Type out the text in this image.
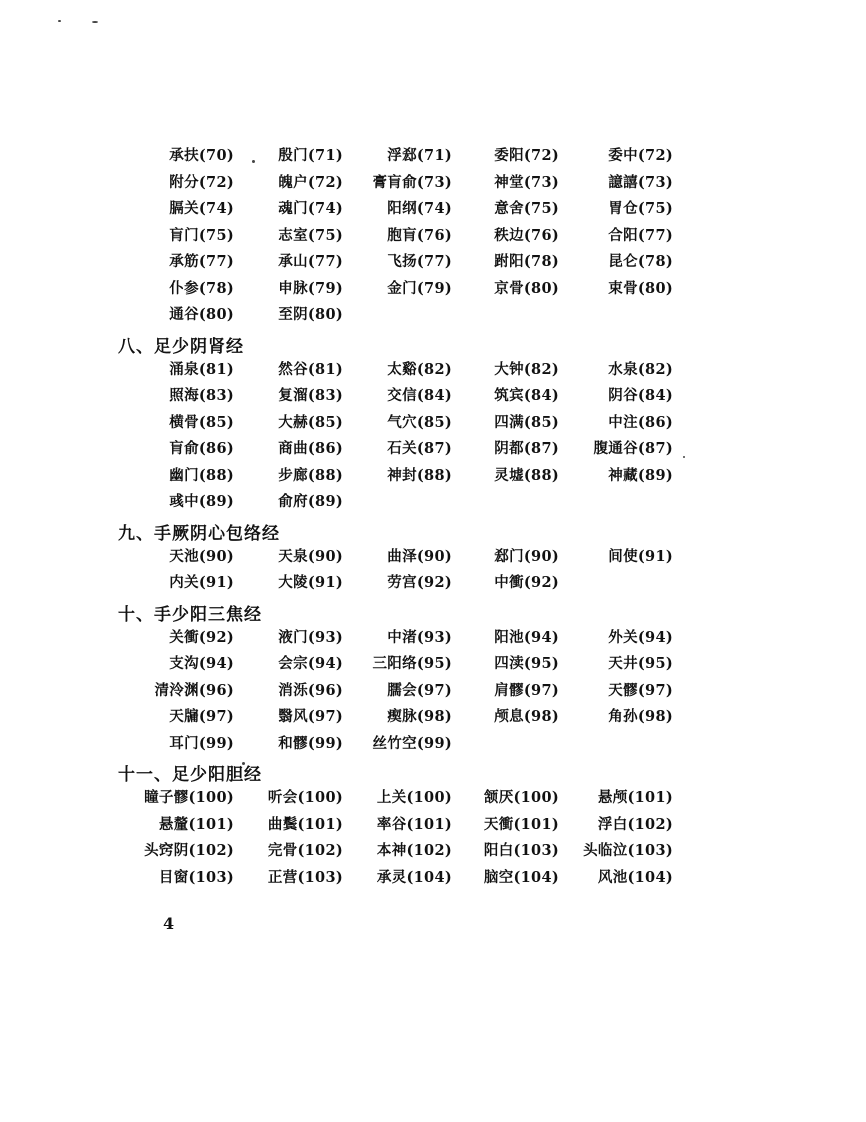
承扶(70)	殷门(71)	浮郄(71)	委阳(72)	委中(72)
附分(72)	魄户(72)	膏肓俞(73)	神堂(73)	譩譆(73)
膈关(74)	魂门(74)	阳纲(74)	意舍(75)	胃仓(75)
肓门(75)	志室(75)	胞肓(76)	秩边(76)	合阳(77)
承筋(77)	承山(77)	飞扬(77)	跗阳(78)	昆仑(78)
仆参(78)	申脉(79)	金门(79)	京骨(80)	束骨(80)
通谷(80)	至阴(80)
八、足少阴肾经
涌泉(81)	然谷(81)	太谿(82)	大钟(82)	水泉(82)
照海(83)	复溜(83)	交信(84)	筑宾(84)	阴谷(84)
横骨(85)	大赫(85)	气穴(85)	四满(85)	中注(86)
肓俞(86)	商曲(86)	石关(87)	阴都(87)	腹通谷(87)
幽门(88)	步廊(88)	神封(88)	灵墟(88)	神藏(89)
彧中(89)	俞府(89)
九、手厥阴心包络经
天池(90)	天泉(90)	曲泽(90)	郄门(90)	间使(91)
内关(91)	大陵(91)	劳宫(92)	中衝(92)
十、手少阳三焦经
关衝(92)	液门(93)	中渚(93)	阳池(94)	外关(94)
支沟(94)	会宗(94)	三阳络(95)	四渎(95)	天井(95)
清泠渊(96)	消泺(96)	臑会(97)	肩髎(97)	天髎(97)
天牖(97)	翳风(97)	瘈脉(98)	颅息(98)	角孙(98)
耳门(99)	和髎(99)	丝竹空(99)
十一、足少阳胆经
瞳子髎(100)	听会(100)	上关(100)	颔厌(100)	悬颅(101)
悬釐(101)	曲鬓(101)	率谷(101)	天衝(101)	浮白(102)
头窍阴(102)	完骨(102)	本神(102)	阳白(103)	头临泣(103)
目窗(103)	正营(103)	承灵(104)	脑空(104)	风池(104)
4
